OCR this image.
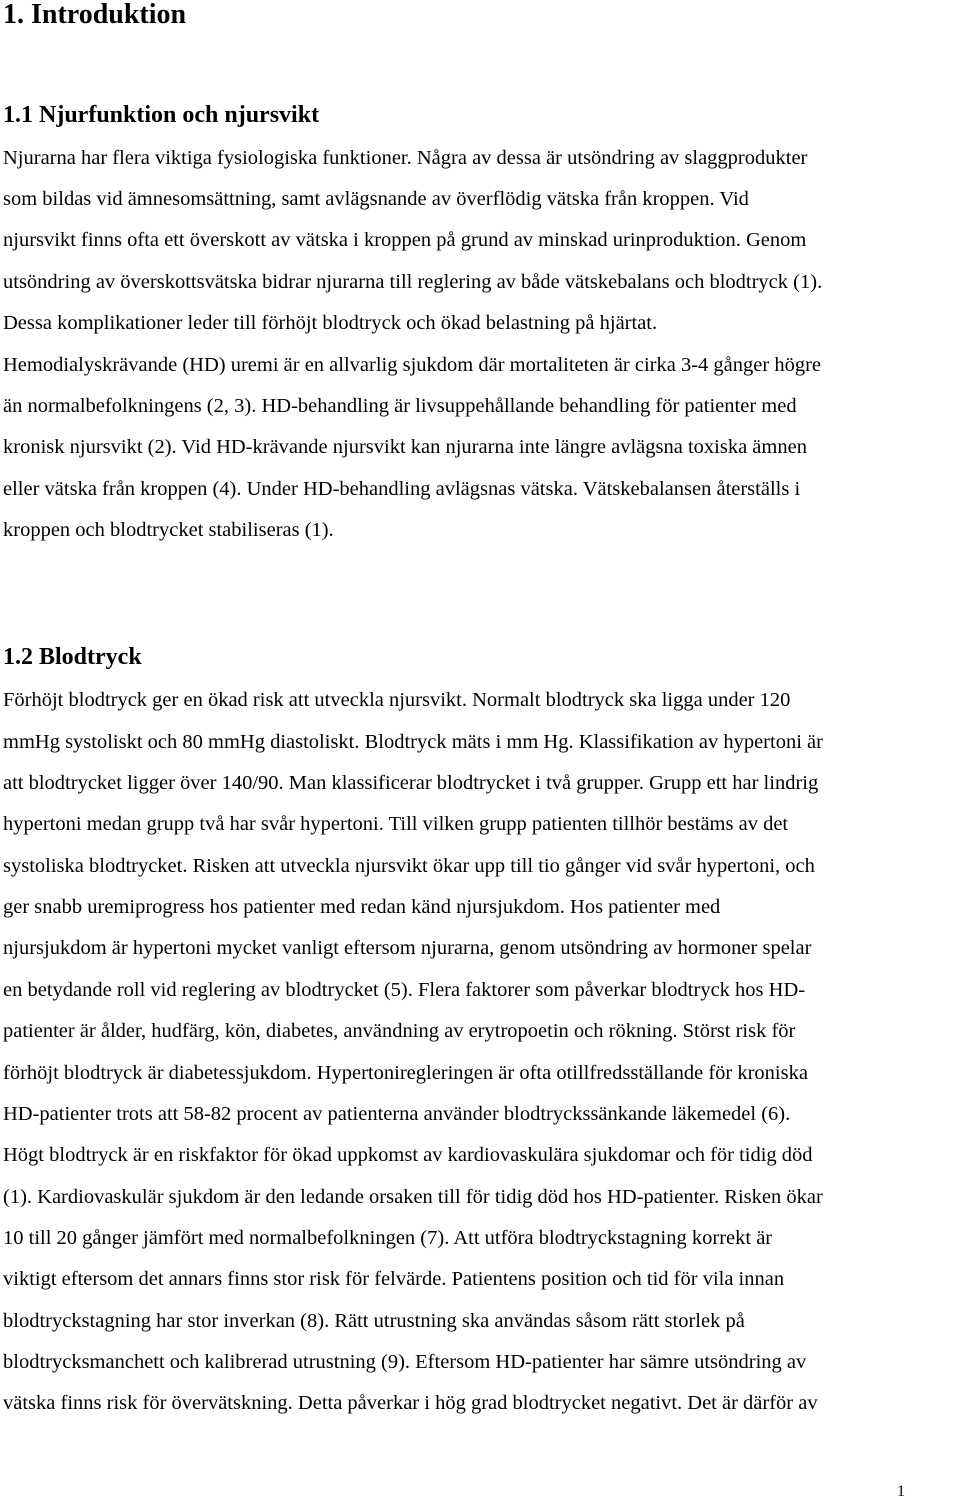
1. Introduktion
1.1 Njurfunktion och njursvikt

Njurarna har flera viktiga fysiologiska funktioner. Några av dessa är utsöndring av slaggprodukter

som bildas vid ämnesomsättning, samt avlägsnande av överflödig vätska från kroppen. Vid

njursvikt finns ofta ett överskott av vätska i kroppen på grund av minskad urinproduktion. Genom

utsöndring av överskottsvätska bidrar njurarna till reglering av både vätskebalans och blodtryck (1).

Dessa komplikationer leder till förhöjt blodtryck och ökad belastning på hjärtat.

Hemodialyskrävande (HD) uremi är en allvarlig sjukdom där mortaliteten är cirka 3-4 gånger högre

än normalbefolkningens (2, 3). HD-behandling är livsuppehållande behandling för patienter med

kronisk njursvikt (2). Vid HD-krävande njursvikt kan njurarna inte längre avlägsna toxiska ämnen

eller vätska från kroppen (4). Under HD-behandling avlägsnas vätska. Vätskebalansen återställs i

kroppen och blodtrycket stabiliseras (1).

1.2 Blodtryck

Förhöjt blodtryck ger en ökad risk att utveckla njursvikt. Normalt blodtryck ska ligga under 120

mmHg systoliskt och 80 mmHg diastoliskt. Blodtryck mäts i mm Hg. Klassifikation av hypertoni är

att blodtrycket ligger över 140/90. Man klassificerar blodtrycket i två grupper. Grupp ett har lindrig

hypertoni medan grupp två har svår hypertoni. Till vilken grupp patienten tillhör bestäms av det

systoliska blodtrycket. Risken att utveckla njursvikt ökar upp till tio gånger vid svår hypertoni, och

ger snabb uremiprogress hos patienter med redan känd njursjukdom. Hos patienter med

njursjukdom är hypertoni mycket vanligt eftersom njurarna, genom utsöndring av hormoner spelar

en betydande roll vid reglering av blodtrycket (5). Flera faktorer som påverkar blodtryck hos HD-

patienter är ålder, hudfärg, kön, diabetes, användning av erytropoetin och rökning. Störst risk för

förhöjt blodtryck är diabetessjukdom. Hypertoniregleringen är ofta otillfredsställande för kroniska

HD-patienter trots att 58-82 procent av patienterna använder blodtryckssänkande läkemedel (6).

Högt blodtryck är en riskfaktor för ökad uppkomst av kardiovaskulära sjukdomar och för tidig död

(1). Kardiovaskulär sjukdom är den ledande orsaken till för tidig död hos HD-patienter. Risken ökar

10 till 20 gånger jämfört med normalbefolkningen (7). Att utföra blodtryckstagning korrekt är

viktigt eftersom det annars finns stor risk för felvärde. Patientens position och tid för vila innan

blodtryckstagning har stor inverkan (8). Rätt utrustning ska användas såsom rätt storlek på

blodtrycksmanchett och kalibrerad utrustning (9). Eftersom HD-patienter har sämre utsöndring av

vätska finns risk för övervätskning. Detta påverkar i hög grad blodtrycket negativt. Det är därför av

1
